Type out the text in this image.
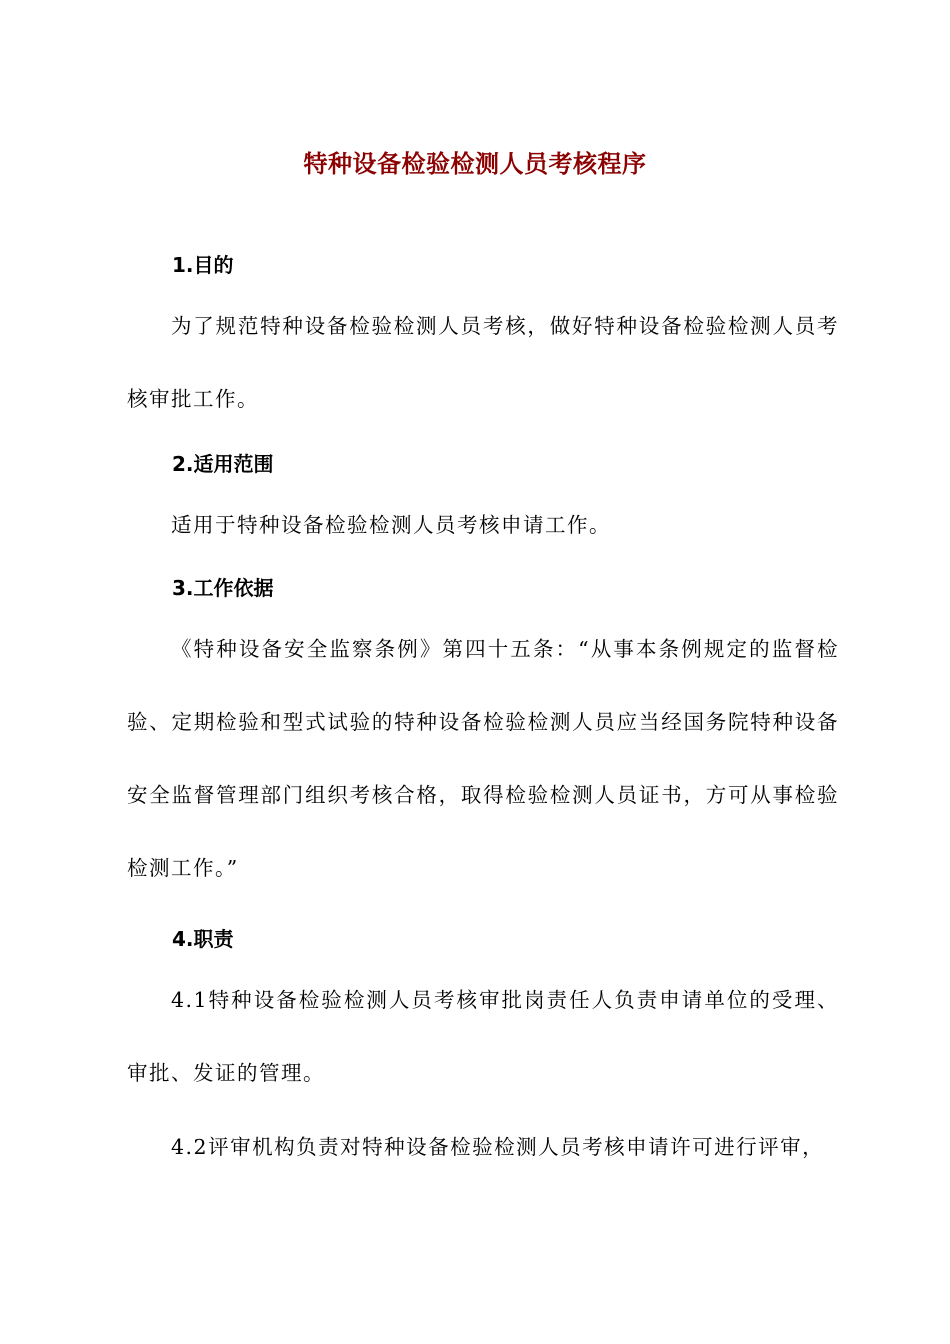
特种设备检验检测人员考核程序
1.目的
为了规范特种设备检验检测人员考核，做好特种设备检验检测人员考核审批工作。
2.适用范围
适用于特种设备检验检测人员考核申请工作。
3.工作依据
《特种设备安全监察条例》第四十五条：“从事本条例规定的监督检验、定期检验和型式试验的特种设备检验检测人员应当经国务院特种设备安全监督管理部门组织考核合格，取得检验检测人员证书，方可从事检验检测工作。”
4.职责
4.1特种设备检验检测人员考核审批岗责任人负责申请单位的受理、审批、发证的管理。
4.2评审机构负责对特种设备检验检测人员考核申请许可进行评审，
